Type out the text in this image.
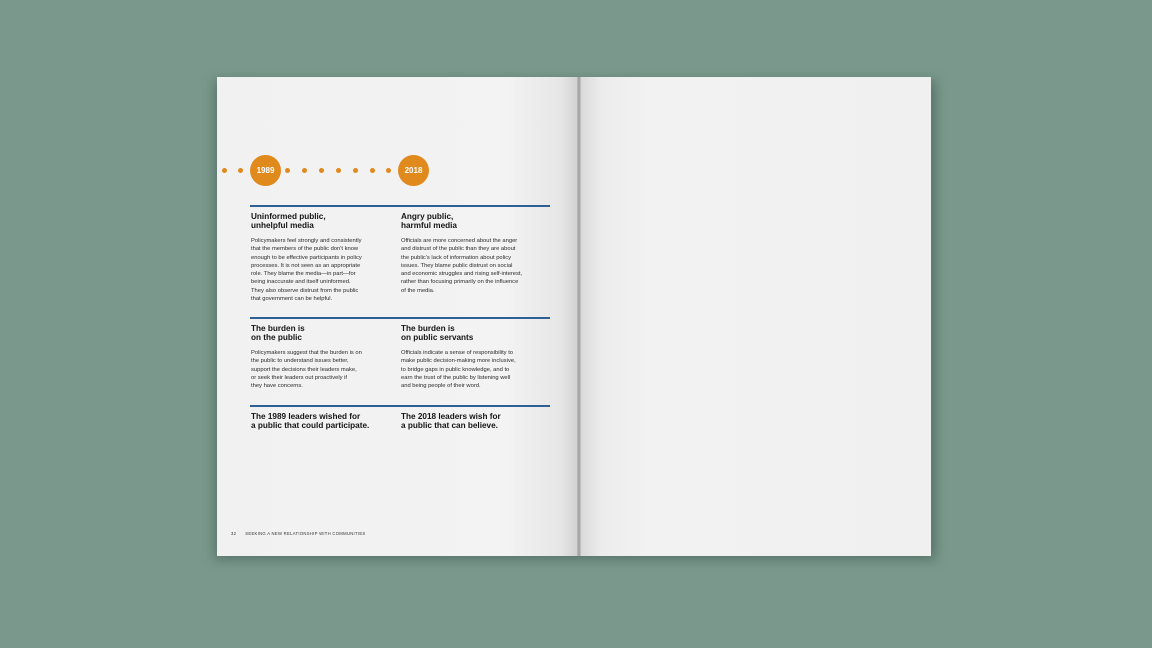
1989	2018
Uninformed public,
unhelpful media
Policymakers feel strongly and consistently
that the members of the public don't know
enough to be effective participants in policy
processes. It is not seen as an appropriate
role. They blame the media—in part—for
being inaccurate and itself uninformed.
They also observe distrust from the public
that government can be helpful.
Angry public,
harmful media
Officials are more concerned about the anger
and distrust of the public than they are about
the public's lack of information about policy
issues. They blame public distrust on social
and economic struggles and rising self-interest,
rather than focusing primarily on the influence
of the media.
The burden is
on the public
Policymakers suggest that the burden is on
the public to understand issues better,
support the decisions their leaders make,
or seek their leaders out proactively if
they have concerns.
The burden is
on public servants
Officials indicate a sense of responsibility to
make public decision-making more inclusive,
to bridge gaps in public knowledge, and to
earn the trust of the public by listening well
and being people of their word.
The 1989 leaders wished for
a public that could participate.
The 2018 leaders wish for
a public that can believe.
32 SEEKING A NEW RELATIONSHIP WITH COMMUNITIES
